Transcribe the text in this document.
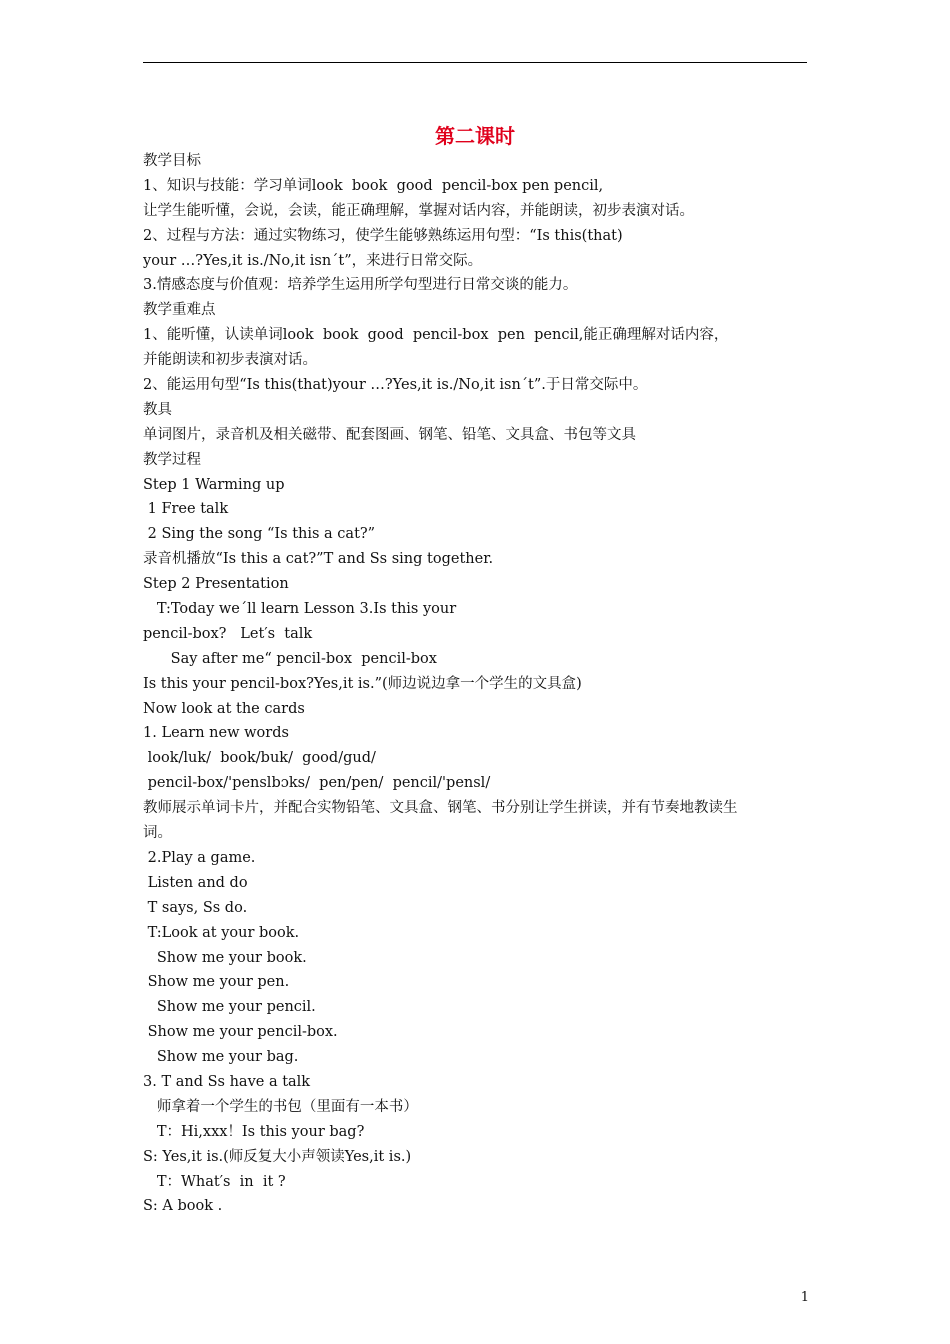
第二课时
教学目标
1、知识与技能：学习单词look  book  good  pencil-box pen pencil,
让学生能听懂，会说，会读，能正确理解，掌握对话内容，并能朗读，初步表演对话。
2、过程与方法：通过实物练习，使学生能够熟练运用句型：“Is this(that)
your …?Yes,it is./No,it isn´t”，来进行日常交际。
3.情感态度与价值观：培养学生运用所学句型进行日常交谈的能力。
教学重难点
1、能听懂，认读单词look  book  good  pencil-box  pen  pencil,能正确理解对话内容，
并能朗读和初步表演对话。
2、能运用句型“Is this(that)your …?Yes,it is./No,it isn´t”.于日常交际中。
教具
单词图片，录音机及相关磁带、配套图画、钢笔、铅笔、文具盒、书包等文具
教学过程
Step 1 Warming up
1 Free talk
2 Sing the song “Is this a cat?”
录音机播放“Is this a cat?”T and Ss sing together.
Step 2 Presentation
T:Today we´ll learn Lesson 3.Is this your
pencil-box?   Let′s  talk
Say after me“ pencil-box  pencil-box
Is this your pencil-box?Yes,it is.”(师边说边拿一个学生的文具盒)
Now look at the cards
1. Learn new words
look/luk/  book/buk/  good/gud/
pencil-box/'penslbɔks/  pen/pen/  pencil/'pensl/
教师展示单词卡片，并配合实物铅笔、文具盒、钢笔、书分别让学生拼读，并有节奏地教读生
词。
2.Play a game.
Listen and do
T says, Ss do.
T:Look at your book.
Show me your book.
Show me your pen.
Show me your pencil.
Show me your pencil-box.
Show me your bag.
3. T and Ss have a talk
师拿着一个学生的书包（里面有一本书）
T：Hi,xxx！Is this your bag?
S: Yes,it is.(师反复大小声领读Yes,it is.)
T：What′s  in  it ?
S: A book .
1
